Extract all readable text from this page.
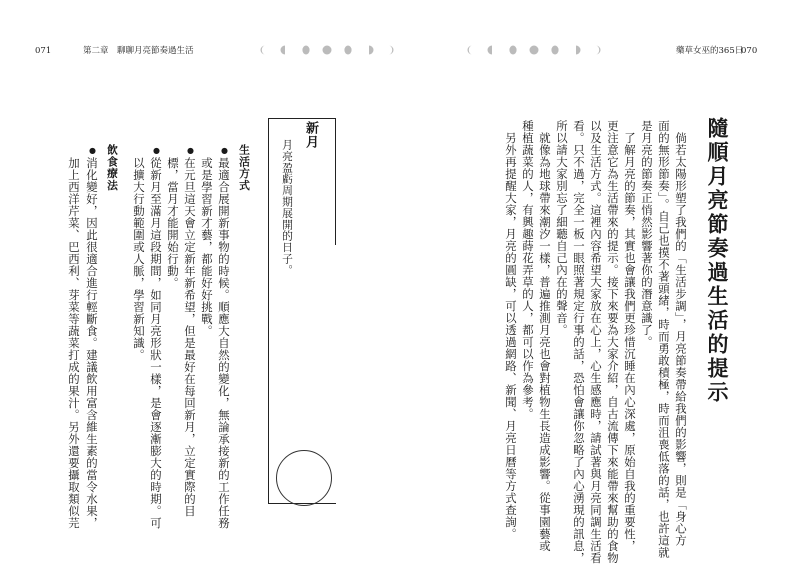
071	第二章　聊聊月亮節奏過生活	藥草女巫的365日
070
隨順月亮節奏過生活的提示
　倘若太陽形塑了我們的「生活步調」，月亮節奏帶給我們的影響，則是「身心方
面的無形節奏」。自己也摸不著頭緒，時而勇敢積極，時而沮喪低落的話，也許這就
是月亮的節奏正悄然影響著你的潛意識了。
　了解月亮的節奏，其實也會讓我們更珍惜沉睡在內心深處，原始自我的重要性，
更注意它為生活帶來的提示。接下來要為大家介紹，自古流傳下來能帶來幫助的食物
以及生活方式。這裡內容希望大家放在心上，心生感應時，請試著與月亮同調生活看
看。只不過，完全一板一眼照著規定行事的話，恐怕會讓你忽略了內心湧現的訊息，
所以請大家別忘了細聽自己內在的聲音。
　就像為地球帶來潮汐一樣，普遍推測月亮也會對植物生長造成影響。從事園藝或
種植蔬菜的人，有興趣蒔花弄草的人，都可以作為參考。
　另外再提醒大家，月亮的圓缺，可以透過網路、新聞、月亮日曆等方式查詢。
新月
月亮盈虧周期展開的日子。
生活方式
●
最適合展開新事物的時候。順應大自然的變化，無論承接新的工作任務
或是學習新才藝，都能好好挑戰。
●
在元旦這天會立定新年新希望，但是最好在每回新月，立定實際的目
標，當月才能開始行動。
●
從新月至滿月這段期間，如同月亮形狀一樣，是會逐漸膨大的時期。可
以擴大行動範圍或人脈，學習新知識。
飲食療法
●
消化變好，因此很適合進行輕斷食。建議飲用富含維生素的當令水果，
加上西洋芹菜、巴西利、芽菜等蔬菜打成的果汁。另外還要攝取類似芫
